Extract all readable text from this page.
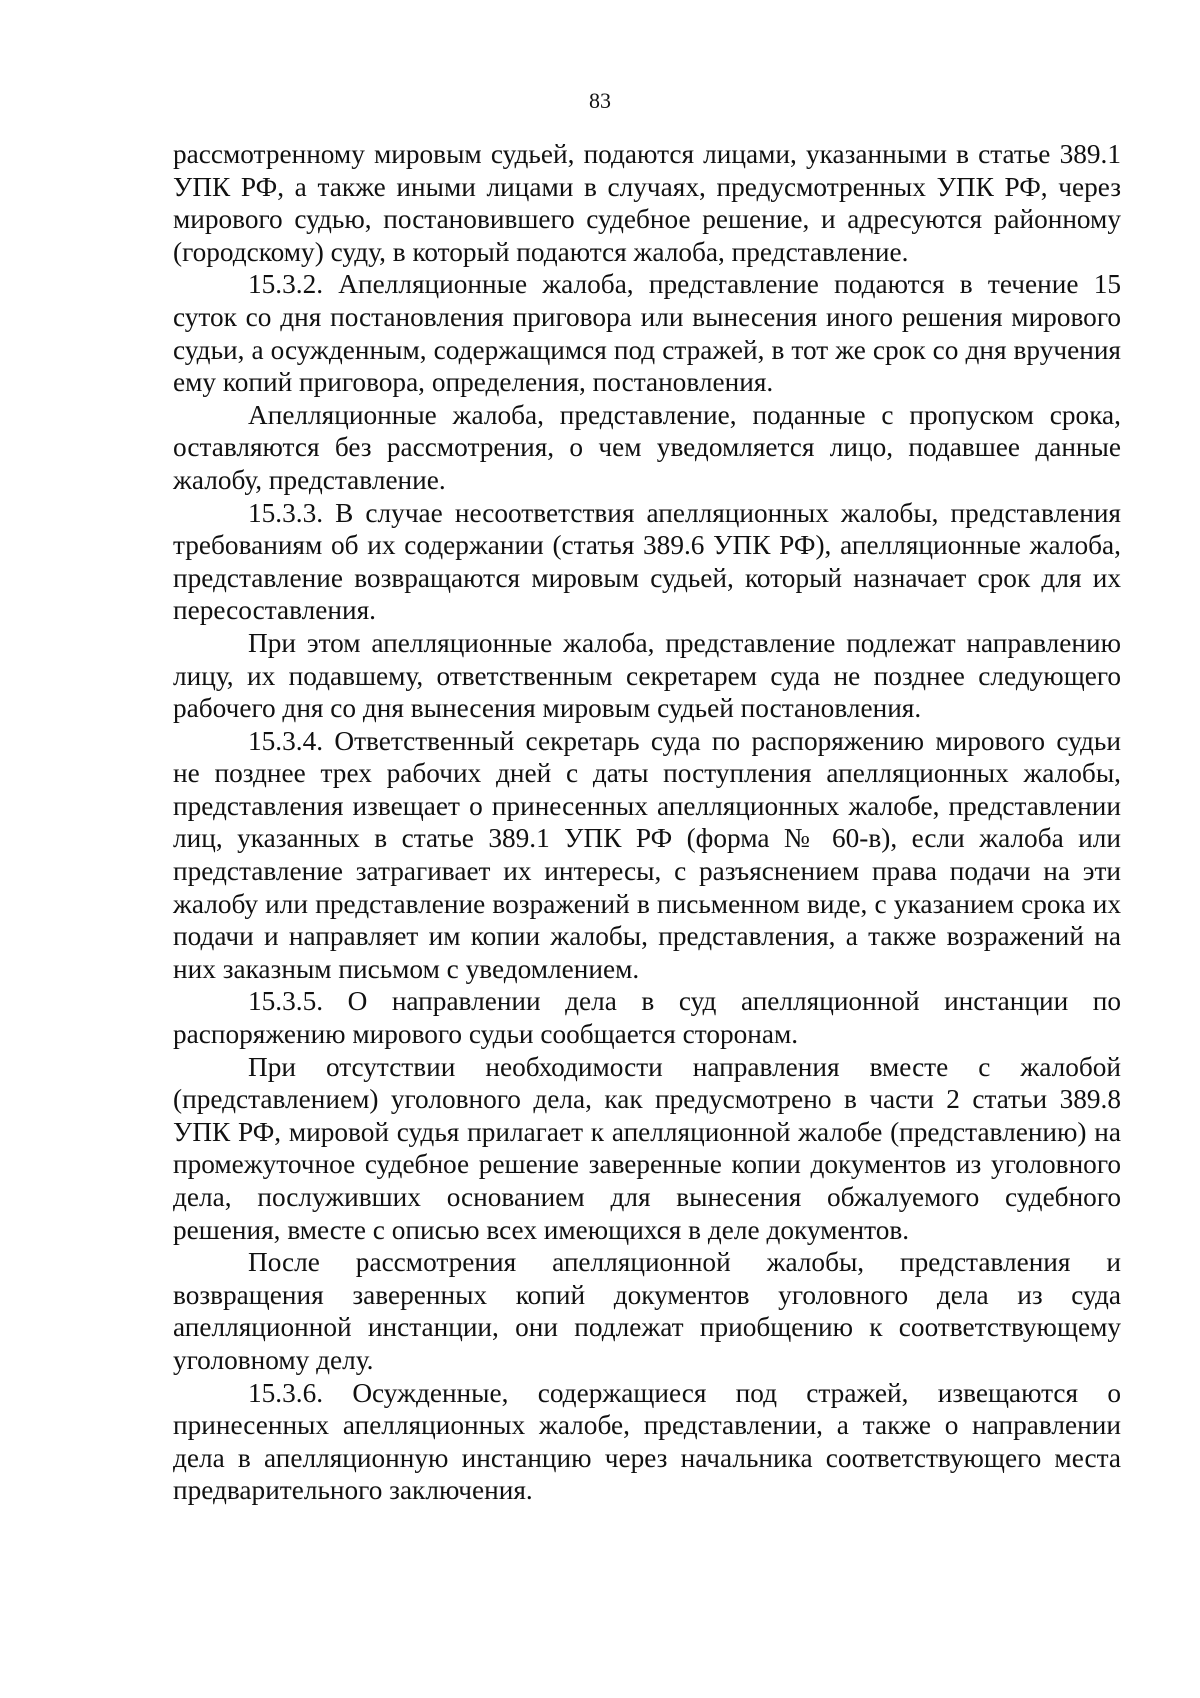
83

рассмотренному мировым судьей, подаются лицами, указанными в статье 389.1 УПК РФ, а также иными лицами в случаях, предусмотренных УПК РФ, через мирового судью, постановившего судебное решение, и адресуются районному (городскому) суду, в который подаются жалоба, представление.

15.3.2. Апелляционные жалоба, представление подаются в течение 15 суток со дня постановления приговора или вынесения иного решения мирового судьи, а осужденным, содержащимся под стражей, в тот же срок со дня вручения ему копий приговора, определения, постановления.

Апелляционные жалоба, представление, поданные с пропуском срока, оставляются без рассмотрения, о чем уведомляется лицо, подавшее данные жалобу, представление.

15.3.3. В случае несоответствия апелляционных жалобы, представления требованиям об их содержании (статья 389.6 УПК РФ), апелляционные жалоба, представление возвращаются мировым судьей, который назначает срок для их пересоставления.

При этом апелляционные жалоба, представление подлежат направлению лицу, их подавшему, ответственным секретарем суда не позднее следующего рабочего дня со дня вынесения мировым судьей постановления.

15.3.4. Ответственный секретарь суда по распоряжению мирового судьи не позднее трех рабочих дней с даты поступления апелляционных жалобы, представления извещает о принесенных апелляционных жалобе, представлении лиц, указанных в статье 389.1 УПК РФ (форма № 60-в), если жалоба или представление затрагивает их интересы, с разъяснением права подачи на эти жалобу или представление возражений в письменном виде, с указанием срока их подачи и направляет им копии жалобы, представления, а также возражений на них заказным письмом с уведомлением.

15.3.5. О направлении дела в суд апелляционной инстанции по распоряжению мирового судьи сообщается сторонам.

При отсутствии необходимости направления вместе с жалобой (представлением) уголовного дела, как предусмотрено в части 2 статьи 389.8 УПК РФ, мировой судья прилагает к апелляционной жалобе (представлению) на промежуточное судебное решение заверенные копии документов из уголовного дела, послуживших основанием для вынесения обжалуемого судебного решения, вместе с описью всех имеющихся в деле документов.

После рассмотрения апелляционной жалобы, представления и возвращения заверенных копий документов уголовного дела из суда апелляционной инстанции, они подлежат приобщению к соответствующему уголовному делу.

15.3.6. Осужденные, содержащиеся под стражей, извещаются о принесенных апелляционных жалобе, представлении, а также о направлении дела в апелляционную инстанцию через начальника соответствующего места предварительного заключения.
